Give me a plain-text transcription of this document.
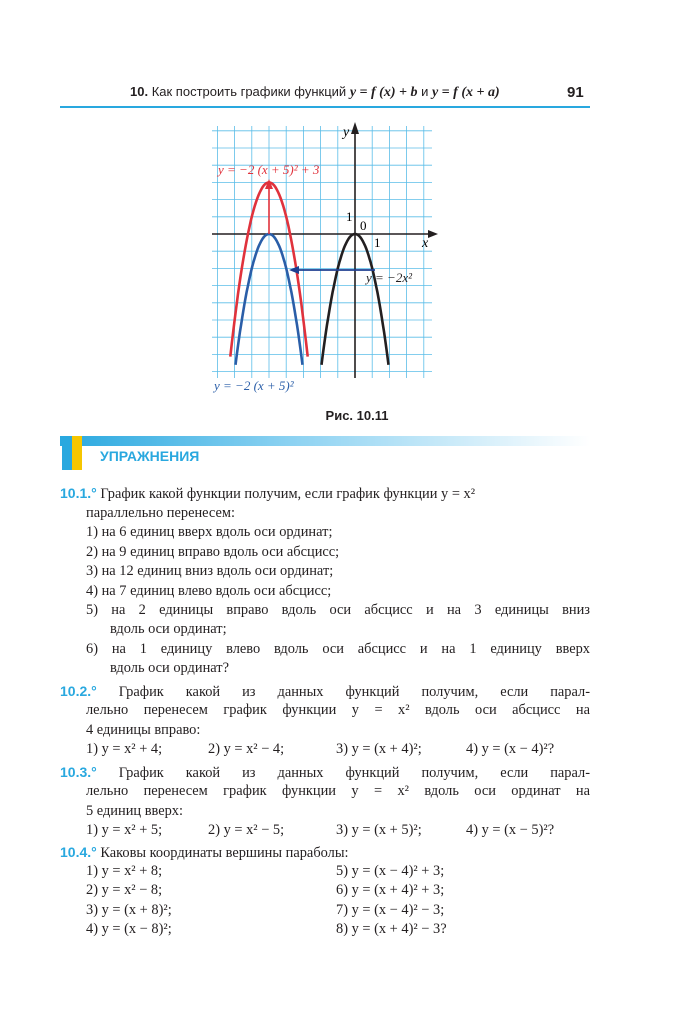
10. Как построить графики функций y = f (x) + b и y = f (x + a)	91
y = −2 (x + 5)² + 3
y = −2 (x + 5)²
y = −2x²
x
y
1
1
0
Рис. 10.11
УПРАЖНЕНИЯ
10.1.° График какой функции получим, если график функции y = x²
параллельно перенесем:
1) на 6 единиц вверх вдоль оси ординат;
2) на 9 единиц вправо вдоль оси абсцисс;
3) на 12 единиц вниз вдоль оси ординат;
4) на 7 единиц влево вдоль оси абсцисс;
5) на 2 единицы вправо вдоль оси абсцисс и на 3 единицы вниз
вдоль оси ординат;
6) на 1 единицу влево вдоль оси абсцисс и на 1 единицу вверх
вдоль оси ординат?
10.2.° График какой из данных функций получим, если парал-
лельно перенесем график функции y = x² вдоль оси абсцисс на
4 единицы вправо:
1) y = x² + 4;	2) y = x² − 4;	3) y = (x + 4)²;	4) y = (x − 4)²?
10.3.° График какой из данных функций получим, если парал-
лельно перенесем график функции y = x² вдоль оси ординат на
5 единиц вверх:
1) y = x² + 5;	2) y = x² − 5;	3) y = (x + 5)²;	4) y = (x − 5)²?
10.4.° Каковы координаты вершины параболы:
1) y = x² + 8;
2) y = x² − 8;
3) y = (x + 8)²;
4) y = (x − 8)²;
5) y = (x − 4)² + 3;
6) y = (x + 4)² + 3;
7) y = (x − 4)² − 3;
8) y = (x + 4)² − 3?
